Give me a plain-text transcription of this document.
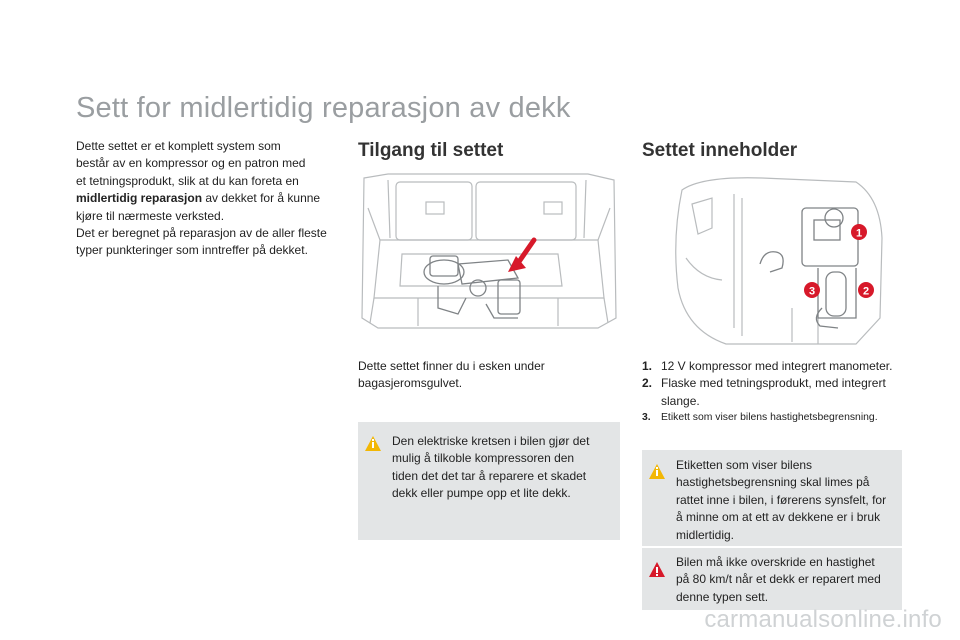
Sett for midlertidig reparasjon av dekk

Dette settet er et komplett system som

består av en kompressor og en patron med

et tetningsprodukt, slik at du kan foreta en

midlertidig reparasjon av dekket for å kunne

kjøre til nærmeste verksted.

Det er beregnet på reparasjon av de aller fleste

typer punkteringer som inntreffer på dekket.

Tilgang til settet

Dette settet finner du i esken under

bagasjeromsgulvet.

Den elektriske kretsen i bilen gjør det

mulig å tilkoble kompressoren den

tiden det det tar å reparere et skadet

dekk eller pumpe opp et lite dekk.

Settet inneholder
1
2
3
1. 12 V kompressor med integrert manometer.
2. Flaske med tetningsprodukt, med integrert
slange.
3. Etikett som viser bilens hastighetsbegrensning.

Etiketten som viser bilens

hastighetsbegrensning skal limes på

rattet inne i bilen, i førerens synsfelt, for

å minne om at ett av dekkene er i bruk

midlertidig.

Bilen må ikke overskride en hastighet

på 80 km/t når et dekk er reparert med

denne typen sett.

carmanualsonline.info
